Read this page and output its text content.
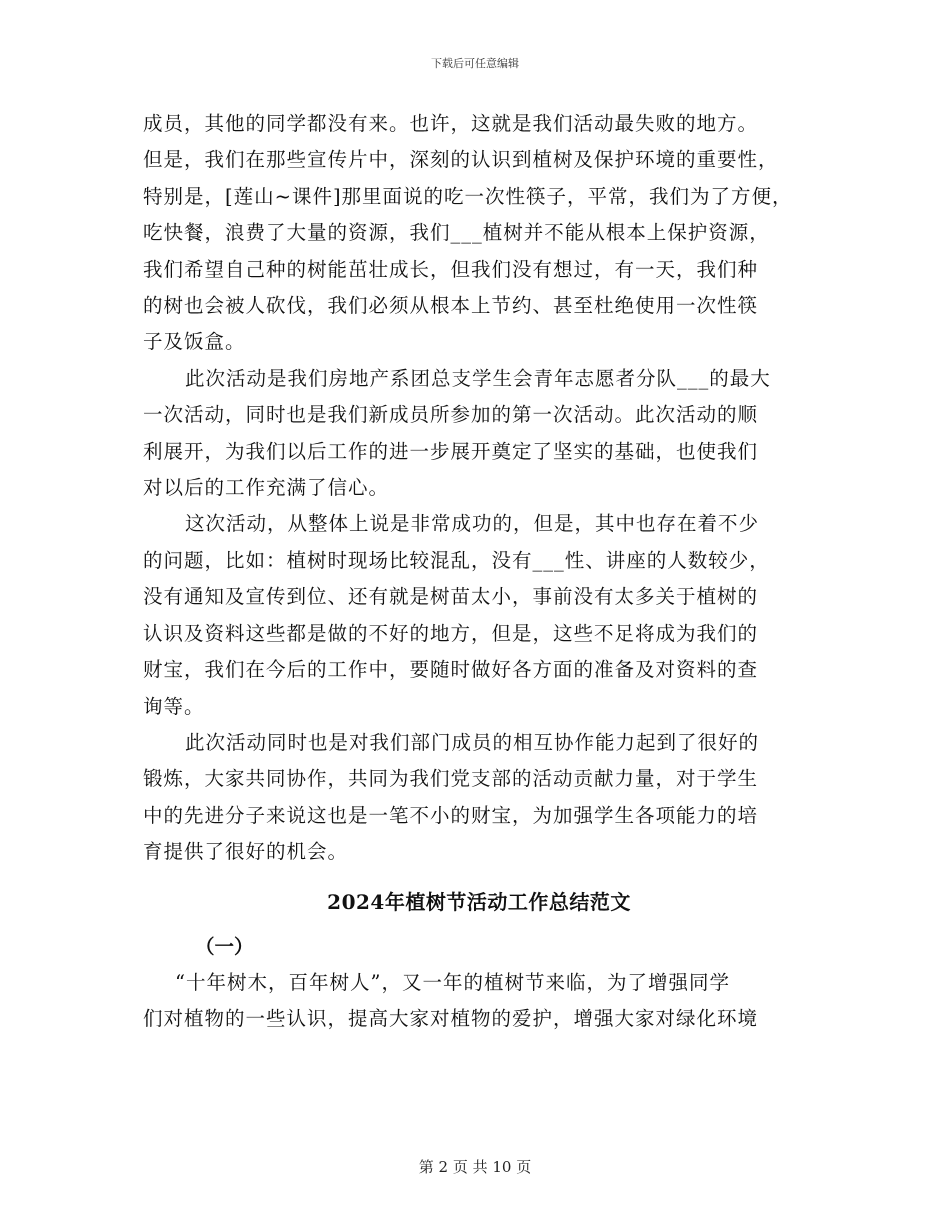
下载后可任意编辑

成员，其他的同学都没有来。也许，这就是我们活动最失败的地方。
但是，我们在那些宣传片中，深刻的认识到植树及保护环境的重要性，
特别是，[莲山~课件]那里面说的吃一次性筷子，平常，我们为了方便，
吃快餐，浪费了大量的资源，我们___植树并不能从根本上保护资源，
我们希望自己种的树能茁壮成长，但我们没有想过，有一天，我们种
的树也会被人砍伐，我们必须从根本上节约、甚至杜绝使用一次性筷
子及饭盒。

此次活动是我们房地产系团总支学生会青年志愿者分队___的最大
一次活动，同时也是我们新成员所参加的第一次活动。此次活动的顺
利展开，为我们以后工作的进一步展开奠定了坚实的基础，也使我们
对以后的工作充满了信心。

这次活动，从整体上说是非常成功的，但是，其中也存在着不少
的问题，比如：植树时现场比较混乱，没有___性、讲座的人数较少，
没有通知及宣传到位、还有就是树苗太小，事前没有太多关于植树的
认识及资料这些都是做的不好的地方，但是，这些不足将成为我们的
财宝，我们在今后的工作中，要随时做好各方面的准备及对资料的查
询等。

此次活动同时也是对我们部门成员的相互协作能力起到了很好的
锻炼，大家共同协作，共同为我们党支部的活动贡献力量，对于学生
中的先进分子来说这也是一笔不小的财宝，为加强学生各项能力的培
育提供了很好的机会。

2024年植树节活动工作总结范文
（一）

“十年树木，百年树人”，又一年的植树节来临，为了增强同学
们对植物的一些认识，提高大家对植物的爱护，增强大家对绿化环境

第 2 页 共 10 页
